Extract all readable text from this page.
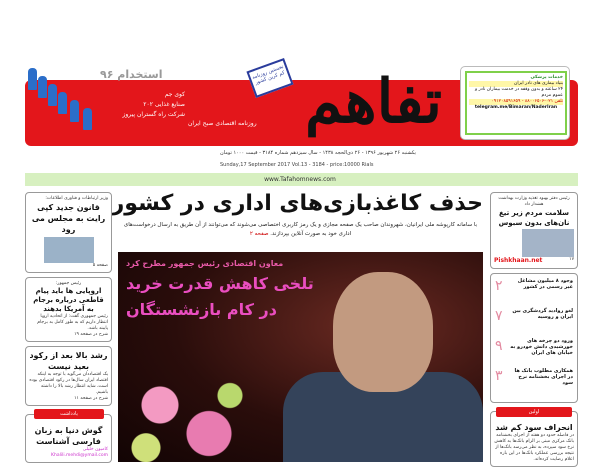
استخدام ۹۶
کوی جم
صنایع غذایی ۲۰۲
شرکت راه گستران پیروز تفاهم
نخستین روزنامه کم کربن کشور
روزنامه اقتصادی صبح ایران
خدمات پزشکی
بنیاد بیماری های نادر ایران
۲۴ ساعته و بدون وقفه در خدمت بیماران نادر و عموم مردم
تلفن ۰۲۱-۸۸۰۰۶۵۰۶ - ۰۹۱۲۰۸۵۹۱۶۵۹
telegram.me/Bimaran/NaderIran
یکشنبه ۲۶ شهریور ۱۳۹۶ - ۲۶ ذی‌الحجه ۱۴۳۸ - سال سیزدهم شماره ۳۱۸۴ - قیمت ۱۰۰۰ تومان
Sunday,17 September 2017 Vol.13 - 3184 - price:10000 Rials
www.Tafahomnews.com
حذف کاغذبازی‌های اداری در کشور
با سامانه کارپوشه ملی ایرانیان، شهروندان صاحب یک صفحه مجازی و یک رمز کاربری اختصاصی می‌شوند که می‌توانند از آن طریق به ارسال درخواست‌های اداری خود به صورت آنلاین بپردازند. صفحه ۲
معاون اقتصادی رئیس جمهور مطرح کرد
تلخی کاهش قدرت خرید
در کام بازنشستگان
وزیر ارتباطات و فناوری اطلاعات:
قانون جدید کپی رایت به مجلس می رود
صفحه ۵
رئیس جمهور:
اروپایی ها باید پیام قاطعی درباره برجام به آمریکا بدهند
رئیس جمهوری گفت: از اتحادیه اروپا انتظار داریم که به طور کامل به برجام پایبند باشد.
شرح در صفحه ۱۹
رشد بالا بعد از رکود بعید نیست
یک اقتصاددان می‌گوید با توجه به اینکه اقتصاد ایران سال‌ها در رکود اقتصادی بوده است، شاید انتظار رشد بالا را داشته باشیم.
شرح در صفحه ۱۱
یادداشت
گوش دنیا به زبان فارسی آشناست
کامیون خلیلی
Khalili.mehdi@ymail.com
رئیس دفتر بهبود تغذیه وزارت بهداشت هشدار داد
سلامت مردم زیر تیغ نان‌های بدون سبوس
Pishkhaan.net	۱۷
وجود ۸ میلیون مشاغل غیر رسمی در کشور
۲
لغو روادید گردشگری بین ایران و روسیه
۷
ورود دو چرخه های خورشیدی دانش خودرو به خیابان های ایران
۹
همکاری مطلوب بانک ها در اجرای بخشنامه نرخ سود
۳
اولین
انحراف سود کم شد
در فاصله حدود دو هفته از اجرای بخشنامه بانک مرکزی مبنی بر الزام بانک‌ها به کاهش نرخ سود سپرده، به نظر می‌رسد بانک‌ها از نتیجه بررسی عملکرد بانک‌ها در این باره اعلام رضایت کرده‌اند.
